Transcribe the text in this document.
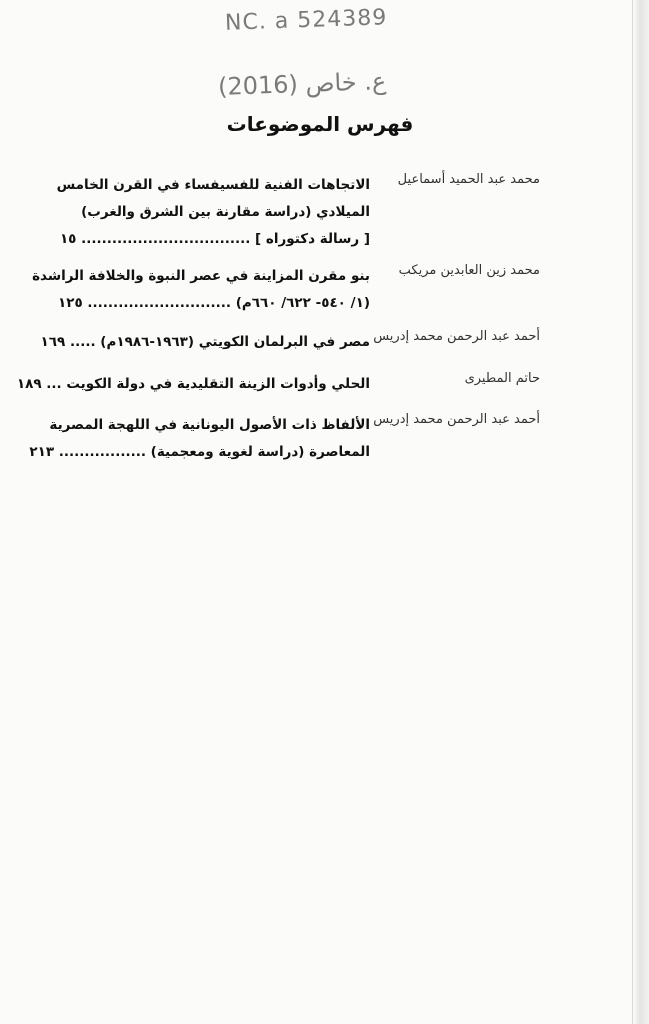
NC. a 524389
ع. خاص (2016)
فهرس الموضوعات
محمد عبد الحميد أسماعيل
الاتجاهات الفنية للفسيفساء في القرن الخامس
الميلادي (دراسة مقارنة بين الشرق والغرب)
[ رسالة دكتوراه ] ................................. ١٥
محمد زين العابدين مريكب
بنو مقرن المزاينة في عصر النبوة والخلافة الراشدة
(١/ ٥٤٠- ٦٢٢/ ٦٦٠م) ............................ ١٢٥
أحمد عبد الرحمن محمد إدريس
مصر في البرلمان الكويتي (١٩٦٣-١٩٨٦م) ..... ١٦٩
حاتم المطيرى
الحلي وأدوات الزينة التقليدية في دولة الكويت ... ١٨٩
أحمد عبد الرحمن محمد إدريس
الألفاظ ذات الأصول اليونانية في اللهجة المصرية
المعاصرة (دراسة لغوية ومعجمية) ................. ٢١٣
